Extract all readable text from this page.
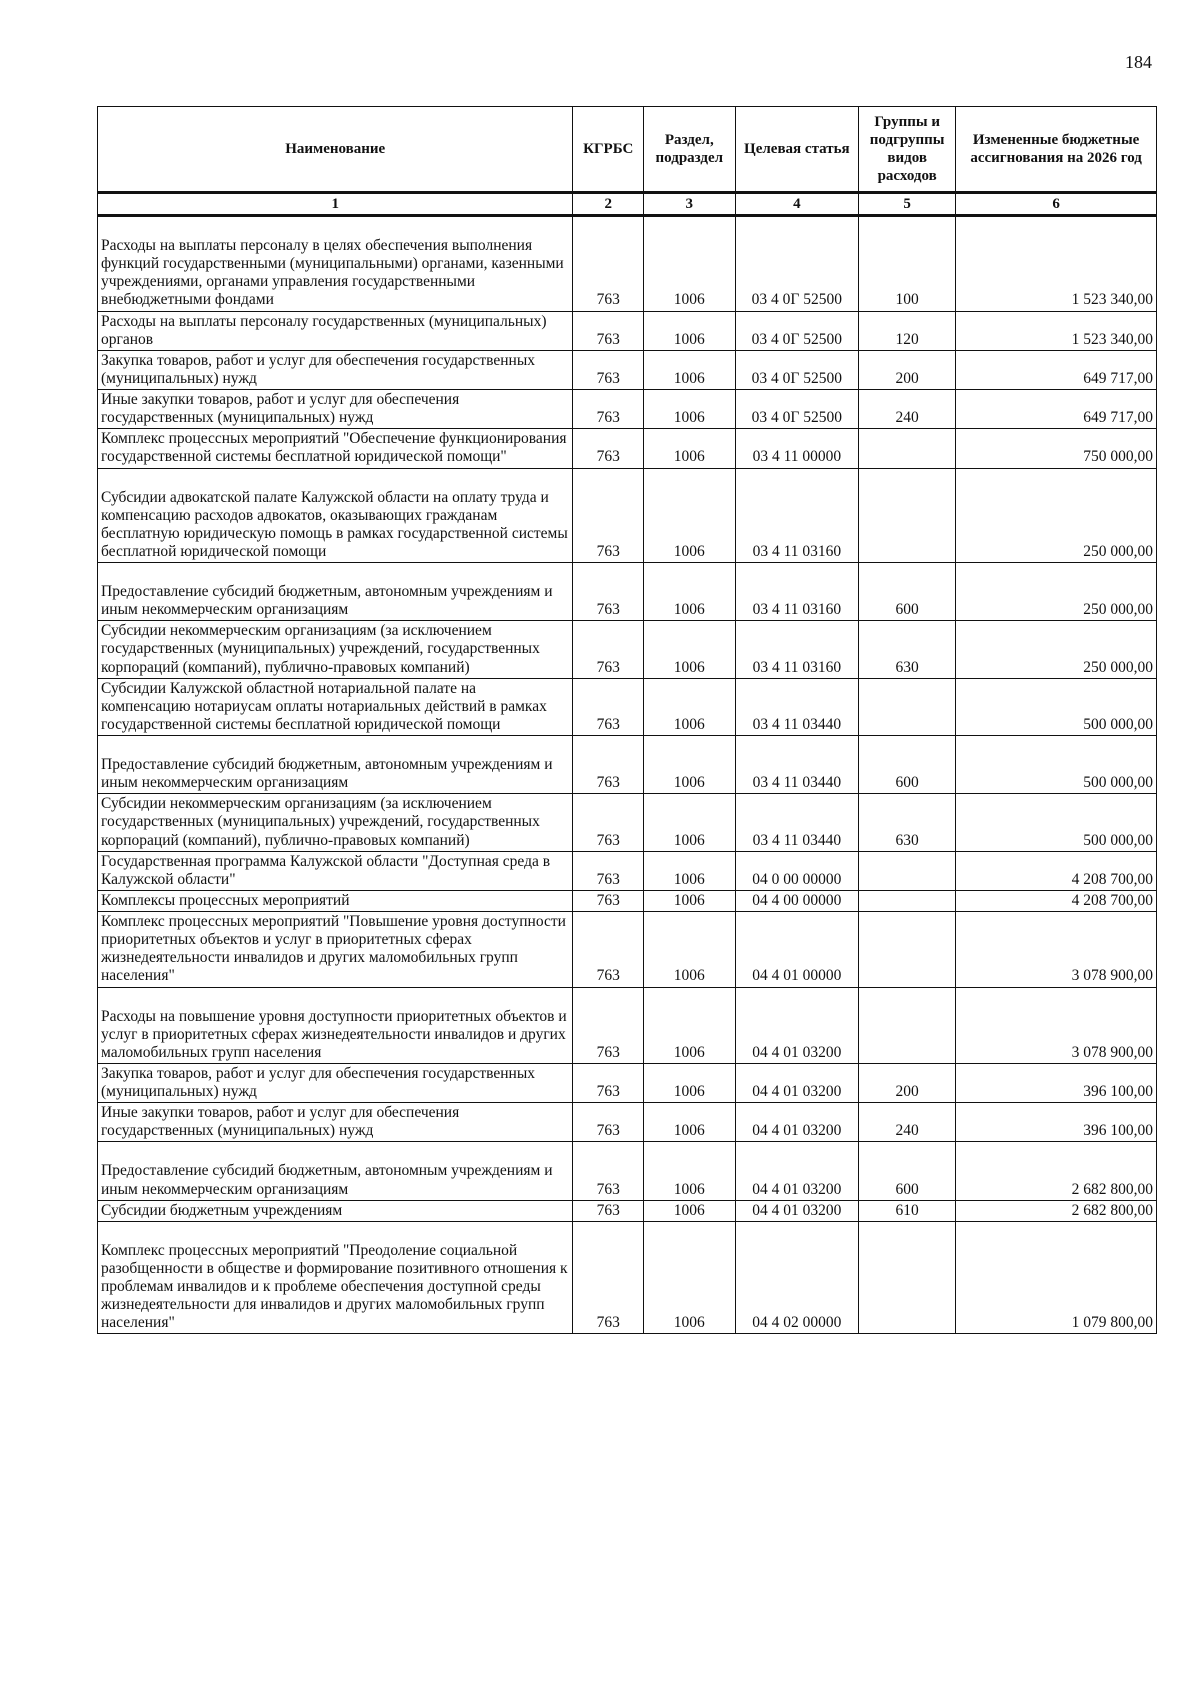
184
Наименование	КГРБС	Раздел, подраздел	Целевая статья	Группы и подгруппы видов расходов	Измененные бюджетные ассигнования на 2026 год
1	2	3	4	5	6
Расходы на выплаты персоналу в целях обеспечения выполнения функций государственными (муниципальными) органами, казенными учреждениями, органами управления государственными внебюджетными фондами	763	1006	03 4 0Г 52500	100	1 523 340,00
Расходы на выплаты персоналу государственных (муниципальных) органов	763	1006	03 4 0Г 52500	120	1 523 340,00
Закупка товаров, работ и услуг для обеспечения государственных (муниципальных) нужд	763	1006	03 4 0Г 52500	200	649 717,00
Иные закупки товаров, работ и услуг для обеспечения государственных (муниципальных) нужд	763	1006	03 4 0Г 52500	240	649 717,00
Комплекс процессных мероприятий "Обеспечение функционирования государственной системы бесплатной юридической помощи"	763	1006	03 4 11 00000		750 000,00
Субсидии адвокатской палате Калужской области на оплату труда и компенсацию расходов адвокатов, оказывающих гражданам бесплатную юридическую помощь в рамках государственной системы бесплатной юридической помощи	763	1006	03 4 11 03160		250 000,00
Предоставление субсидий бюджетным, автономным учреждениям и иным некоммерческим организациям	763	1006	03 4 11 03160	600	250 000,00
Субсидии некоммерческим организациям (за исключением государственных (муниципальных) учреждений, государственных корпораций (компаний), публично-правовых компаний)	763	1006	03 4 11 03160	630	250 000,00
Субсидии Калужской областной нотариальной палате на компенсацию нотариусам оплаты нотариальных действий в рамках государственной системы бесплатной юридической помощи	763	1006	03 4 11 03440		500 000,00
Предоставление субсидий бюджетным, автономным учреждениям и иным некоммерческим организациям	763	1006	03 4 11 03440	600	500 000,00
Субсидии некоммерческим организациям (за исключением государственных (муниципальных) учреждений, государственных корпораций (компаний), публично-правовых компаний)	763	1006	03 4 11 03440	630	500 000,00
Государственная программа Калужской области "Доступная среда в Калужской области"	763	1006	04 0 00 00000		4 208 700,00
Комплексы процессных мероприятий	763	1006	04 4 00 00000		4 208 700,00
Комплекс процессных мероприятий "Повышение уровня доступности приоритетных объектов и услуг в приоритетных сферах жизнедеятельности инвалидов и других маломобильных групп населения"	763	1006	04 4 01 00000		3 078 900,00
Расходы на повышение уровня доступности приоритетных объектов и услуг в приоритетных сферах жизнедеятельности инвалидов и других маломобильных групп населения	763	1006	04 4 01 03200		3 078 900,00
Закупка товаров, работ и услуг для обеспечения государственных (муниципальных) нужд	763	1006	04 4 01 03200	200	396 100,00
Иные закупки товаров, работ и услуг для обеспечения государственных (муниципальных) нужд	763	1006	04 4 01 03200	240	396 100,00
Предоставление субсидий бюджетным, автономным учреждениям и иным некоммерческим организациям	763	1006	04 4 01 03200	600	2 682 800,00
Субсидии бюджетным учреждениям	763	1006	04 4 01 03200	610	2 682 800,00
Комплекс процессных мероприятий "Преодоление социальной разобщенности в обществе и формирование позитивного отношения к проблемам инвалидов и к проблеме обеспечения доступной среды жизнедеятельности для инвалидов и других маломобильных групп населения"	763	1006	04 4 02 00000		1 079 800,00
